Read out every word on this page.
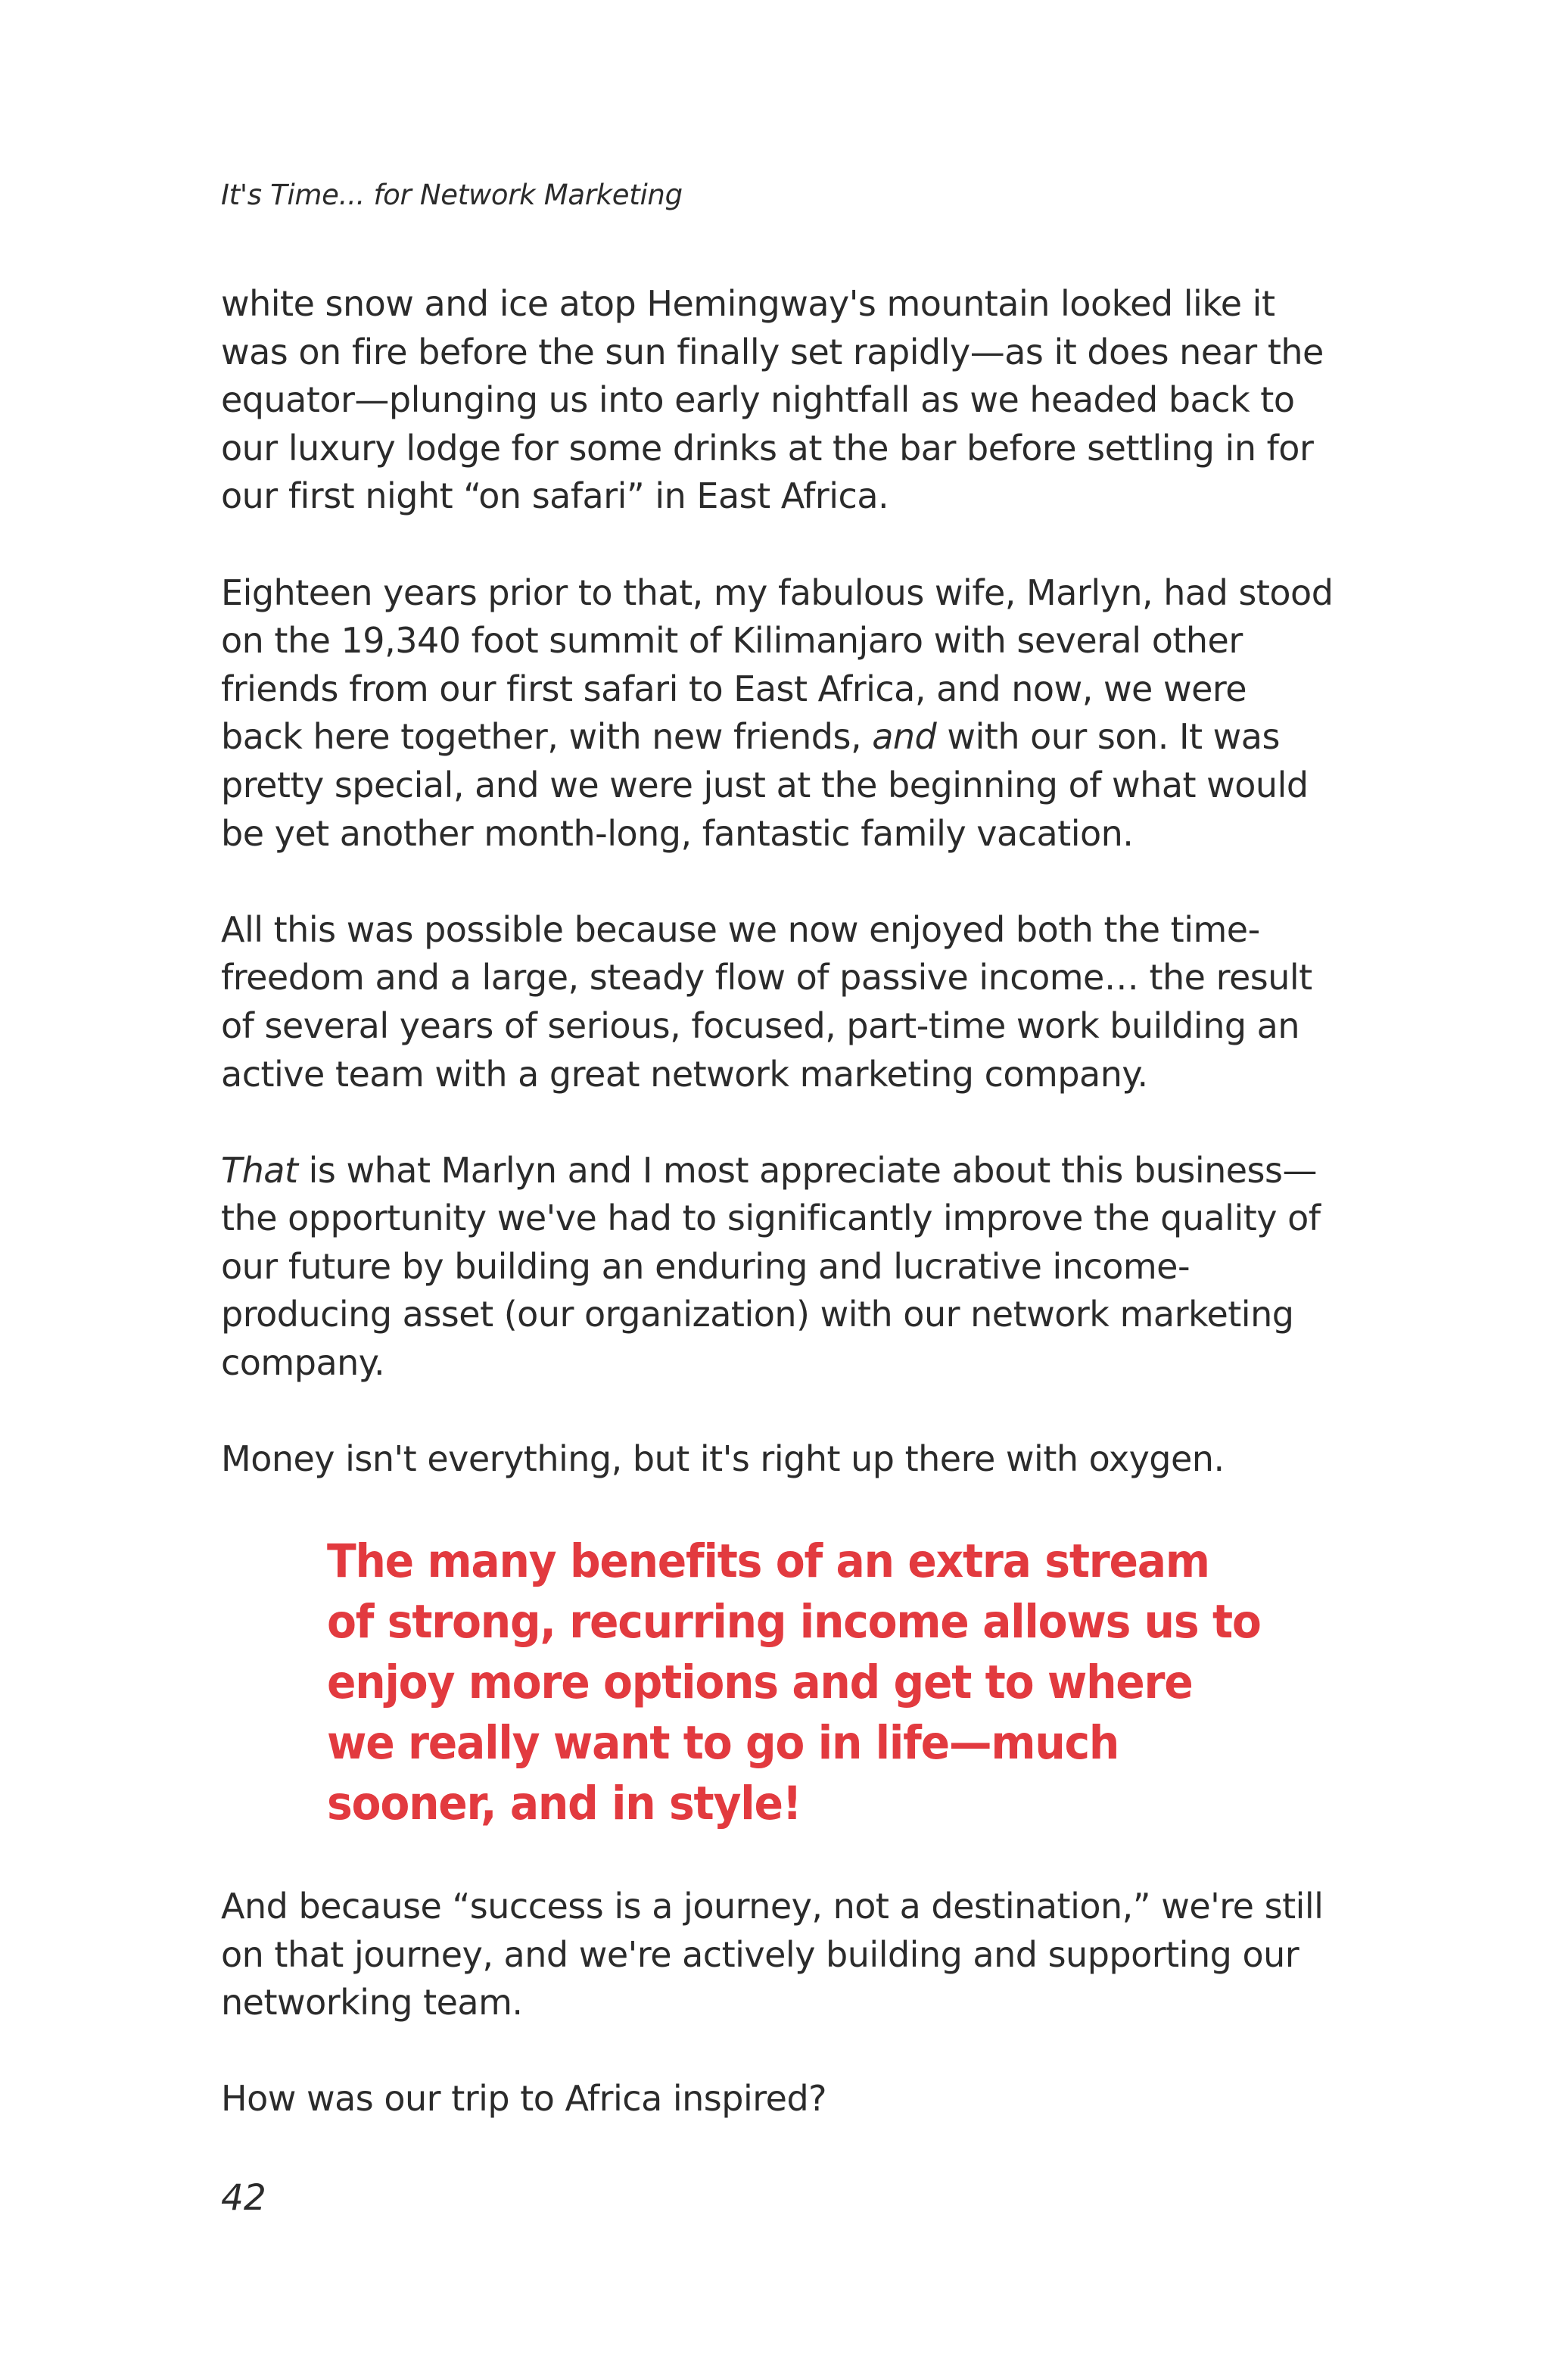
It's Time... for Network Marketing

white snow and ice atop Hemingway's mountain looked like it was on fire before the sun finally set rapidly—as it does near the equator—plunging us into early nightfall as we headed back to our luxury lodge for some drinks at the bar before settling in for our first night “on safari” in East Africa.

Eighteen years prior to that, my fabulous wife, Marlyn, had stood on the 19,340 foot summit of Kilimanjaro with several other friends from our first safari to East Africa, and now, we were back here together, with new friends, and with our son. It was pretty special, and we were just at the beginning of what would be yet another month-long, fantastic family vacation.

All this was possible because we now enjoyed both the time-freedom and a large, steady flow of passive income… the result of several years of serious, focused, part-time work building an active team with a great network marketing company.

That is what Marlyn and I most appreciate about this business—the opportunity we've had to significantly improve the quality of our future by building an enduring and lucrative income-producing asset (our organization) with our network marketing company.

Money isn't everything, but it's right up there with oxygen.

The many benefits of an extra stream of strong, recurring income allows us to enjoy more options and get to where we really want to go in life—much sooner, and in style!

And because “success is a journey, not a destination,” we're still on that journey, and we're actively building and supporting our networking team.

How was our trip to Africa inspired?

42
